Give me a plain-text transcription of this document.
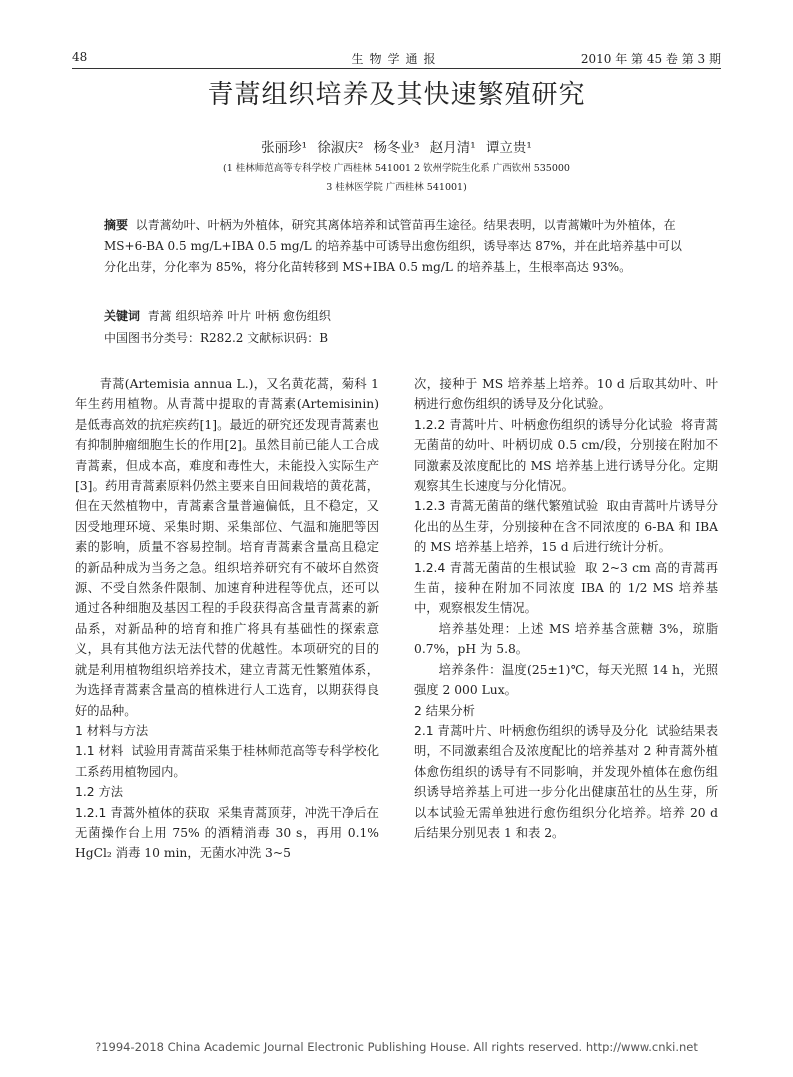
48	生物学通报	2010 年 第 45 卷 第 3 期
青蒿组织培养及其快速繁殖研究
张丽珍¹ 徐淑庆² 杨冬业³ 赵月清¹ 谭立贵¹
(1 桂林师范高等专科学校 广西桂林 541001 2 钦州学院生化系 广西钦州 535000
3 桂林医学院 广西桂林 541001)
摘要 以青蒿幼叶、叶柄为外植体，研究其离体培养和试管苗再生途径。结果表明，以青蒿嫩叶为外植体，在 MS+6-BA 0.5 mg/L+IBA 0.5 mg/L 的培养基中可诱导出愈伤组织，诱导率达 87%，并在此培养基中可以分化出芽，分化率为 85%，将分化苗转移到 MS+IBA 0.5 mg/L 的培养基上，生根率高达 93%。
关键词 青蒿 组织培养 叶片 叶柄 愈伤组织
中国图书分类号：R282.2 文献标识码：B

青蒿(Artemisia annua L.)，又名黄花蒿，菊科 1 年生药用植物。从青蒿中提取的青蒿素(Artemisinin) 是低毒高效的抗疟疾药[1]。最近的研究还发现青蒿素也有抑制肿瘤细胞生长的作用[2]。虽然目前已能人工合成青蒿素，但成本高，难度和毒性大，未能投入实际生产[3]。药用青蒿素原料仍然主要来自田间栽培的黄花蒿，但在天然植物中，青蒿素含量普遍偏低，且不稳定，又因受地理环境、采集时期、采集部位、气温和施肥等因素的影响，质量不容易控制。培育青蒿素含量高且稳定的新品种成为当务之急。组织培养研究有不破坏自然资源、不受自然条件限制、加速育种进程等优点，还可以通过各种细胞及基因工程的手段获得高含量青蒿素的新品系，对新品种的培育和推广将具有基础性的探索意义，具有其他方法无法代替的优越性。本项研究的目的就是利用植物组织培养技术，建立青蒿无性繁殖体系，为选择青蒿素含量高的植株进行人工选育，以期获得良好的品种。

1 材料与方法

1.1 材料 试验用青蒿苗采集于桂林师范高等专科学校化工系药用植物园内。

1.2 方法

1.2.1 青蒿外植体的获取 采集青蒿顶芽，冲洗干净后在无菌操作台上用 75% 的酒精消毒 30 s，再用 0.1% HgCl₂ 消毒 10 min，无菌水冲洗 3~5

次，接种于 MS 培养基上培养。10 d 后取其幼叶、叶柄进行愈伤组织的诱导及分化试验。

1.2.2 青蒿叶片、叶柄愈伤组织的诱导分化试验 将青蒿无菌苗的幼叶、叶柄切成 0.5 cm/段，分别接在附加不同激素及浓度配比的 MS 培养基上进行诱导分化。定期观察其生长速度与分化情况。

1.2.3 青蒿无菌苗的继代繁殖试验 取由青蒿叶片诱导分化出的丛生芽，分别接种在含不同浓度的 6-BA 和 IBA 的 MS 培养基上培养，15 d 后进行统计分析。

1.2.4 青蒿无菌苗的生根试验 取 2~3 cm 高的青蒿再生苗，接种在附加不同浓度 IBA 的 1/2 MS 培养基中，观察根发生情况。

培养基处理：上述 MS 培养基含蔗糖 3%，琼脂 0.7%，pH 为 5.8。

培养条件：温度(25±1)℃，每天光照 14 h，光照强度 2 000 Lux。

2 结果分析

2.1 青蒿叶片、叶柄愈伤组织的诱导及分化 试验结果表明，不同激素组合及浓度配比的培养基对 2 种青蒿外植体愈伤组织的诱导有不同影响，并发现外植体在愈伤组织诱导培养基上可进一步分化出健康茁壮的丛生芽，所以本试验无需单独进行愈伤组织分化培养。培养 20 d 后结果分别见表 1 和表 2。

?1994-2018 China Academic Journal Electronic Publishing House. All rights reserved. http://www.cnki.net
